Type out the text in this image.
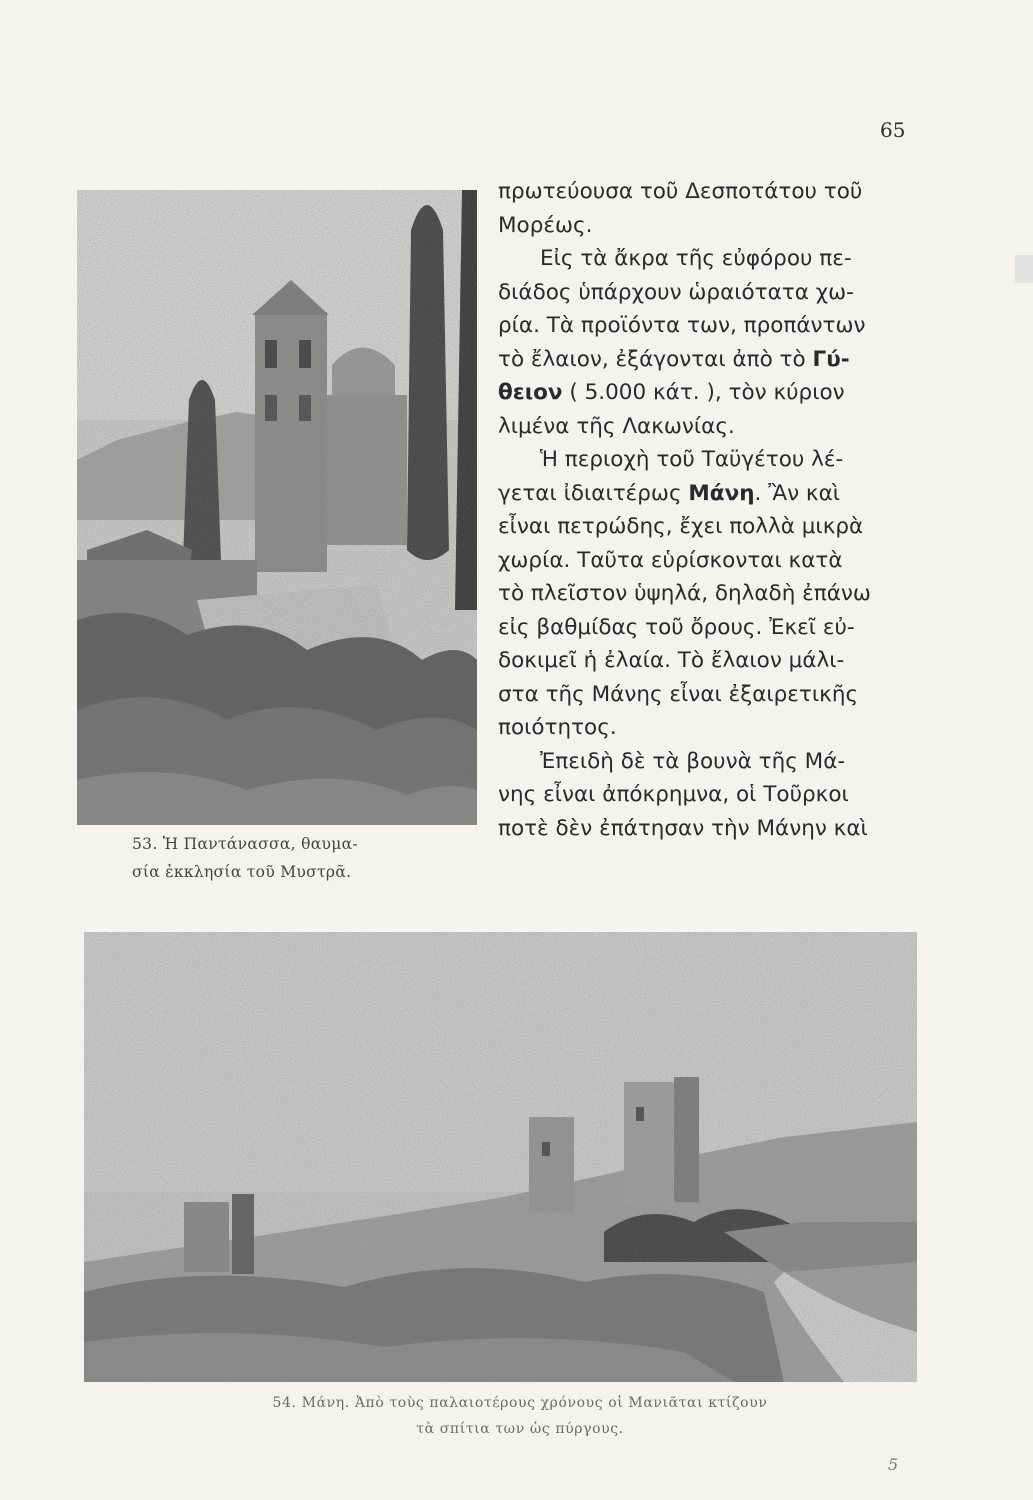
65
53. Ἡ Παντάνασσα, θαυμα-
σία ἐκκλησία τοῦ Μυστρᾶ.
πρωτεύουσα τοῦ Δεσποτάτου τοῦ
Μορέως.
Εἰς τὰ ἄκρα τῆς εὐφόρου πε-
διάδος ὑπάρχουν ὡραιότατα χω-
ρία. Τὰ προϊόντα των, προπάντων
τὸ ἔλαιον, ἐξάγονται ἀπὸ τὸ Γύ-
θειον ( 5.000 κάτ. ), τὸν κύριον
λιμένα τῆς Λακωνίας.
Ἡ περιοχὴ τοῦ Ταϋγέτου λέ-
γεται ἰδιαιτέρως Μάνη. Ἂν καὶ
εἶναι πετρώδης, ἔχει πολλὰ μικρὰ
χωρία. Ταῦτα εὑρίσκονται κατὰ
τὸ πλεῖστον ὑψηλά, δηλαδὴ ἐπάνω
εἰς βαθμίδας τοῦ ὄρους. Ἐκεῖ εὐ-
δοκιμεῖ ἡ ἐλαία. Τὸ ἔλαιον μάλι-
στα τῆς Μάνης εἶναι ἐξαιρετικῆς
ποιότητος.
Ἐπειδὴ δὲ τὰ βουνὰ τῆς Μά-
νης εἶναι ἀπόκρημνα, οἱ Τοῦρκοι
ποτὲ δὲν ἐπάτησαν τὴν Μάνην καὶ
54. Μάνη. Ἀπὸ τοὺς παλαιοτέρους χρόνους οἱ Μανιᾶται κτίζουν
τὰ σπίτια των ὡς πύργους.
5
